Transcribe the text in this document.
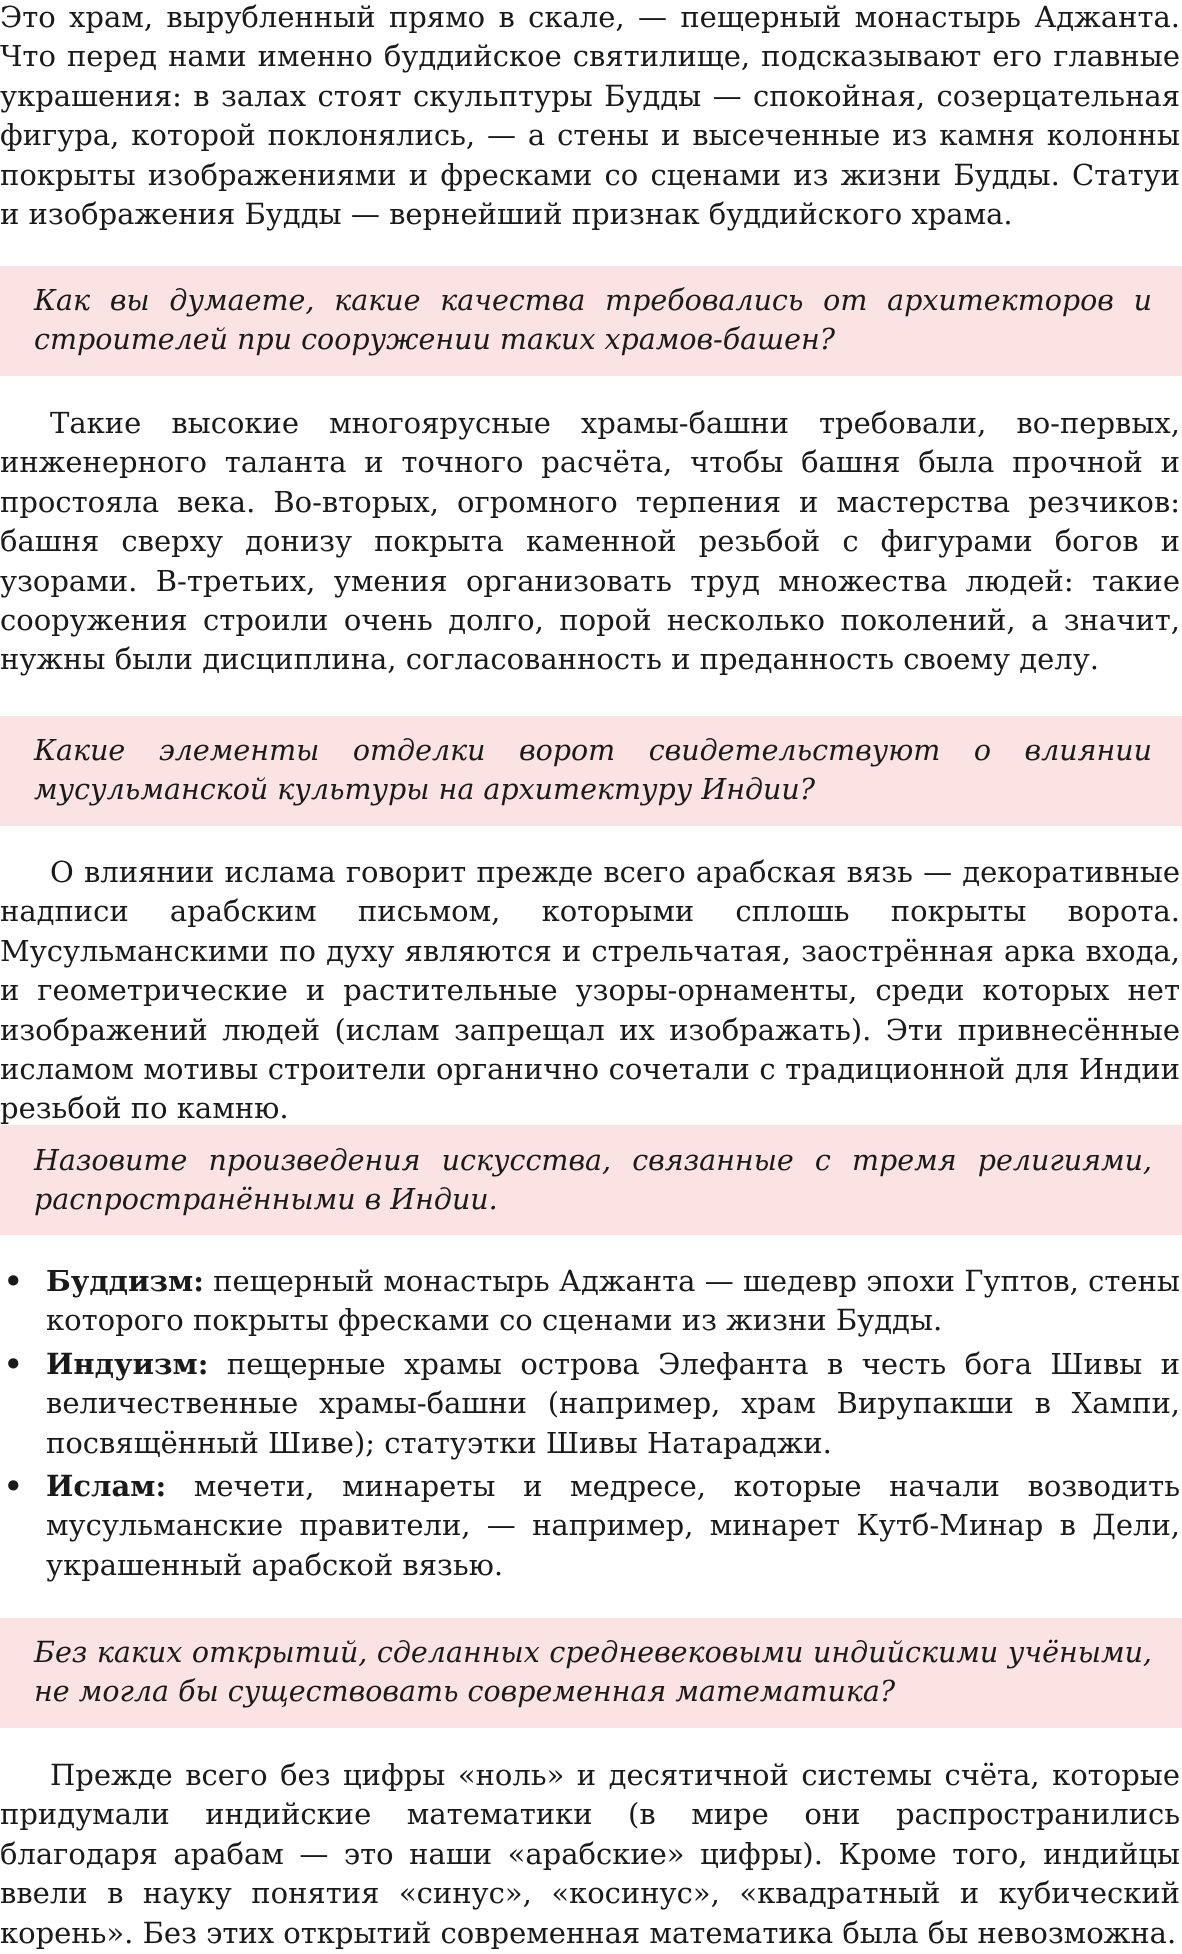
Это храм, вырубленный прямо в скале, — пещерный монастырь Аджанта. Что перед нами именно буддийское святилище, подсказывают его главные украшения: в залах стоят скульптуры Будды — спокойная, созерцательная фигура, которой поклонялись, — а стены и высеченные из камня колонны покрыты изображениями и фресками со сценами из жизни Будды. Статуи и изображения Будды — вернейший признак буддийского храма.

Как вы думаете, какие качества требовались от архитекторов и строителей при сооружении таких храмов-башен?

Такие высокие многоярусные храмы-башни требовали, во-первых, инженерного таланта и точного расчёта, чтобы башня была прочной и простояла века. Во-вторых, огромного терпения и мастерства резчиков: башня сверху донизу покрыта каменной резьбой с фигурами богов и узорами. В-третьих, умения организовать труд множества людей: такие сооружения строили очень долго, порой несколько поколений, а значит, нужны были дисциплина, согласованность и преданность своему делу.

Какие элементы отделки ворот свидетельствуют о влиянии мусульманской культуры на архитектуру Индии?

О влиянии ислама говорит прежде всего арабская вязь — декоративные надписи арабским письмом, которыми сплошь покрыты ворота. Мусульманскими по духу являются и стрельчатая, заострённая арка входа, и геометрические и растительные узоры-орнаменты, среди которых нет изображений людей (ислам запрещал их изображать). Эти привнесённые исламом мотивы строители органично сочетали с традиционной для Индии резьбой по камню.

Назовите произведения искусства, связанные с тремя религиями, распространёнными в Индии.

• Буддизм: пещерный монастырь Аджанта — шедевр эпохи Гуптов, стены которого покрыты фресками со сценами из жизни Будды.
• Индуизм: пещерные храмы острова Элефанта в честь бога Шивы и величественные храмы-башни (например, храм Вирупакши в Хампи, посвящённый Шиве); статуэтки Шивы Натараджи.
• Ислам: мечети, минареты и медресе, которые начали возводить мусульманские правители, — например, минарет Кутб-Минар в Дели, украшенный арабской вязью.

Без каких открытий, сделанных средневековыми индийскими учёными, не могла бы существовать современная математика?

Прежде всего без цифры «ноль» и десятичной системы счёта, которые придумали индийские математики (в мире они распространились благодаря арабам — это наши «арабские» цифры). Кроме того, индийцы ввели в науку понятия «синус», «косинус», «квадратный и кубический корень». Без этих открытий современная математика была бы невозможна.
